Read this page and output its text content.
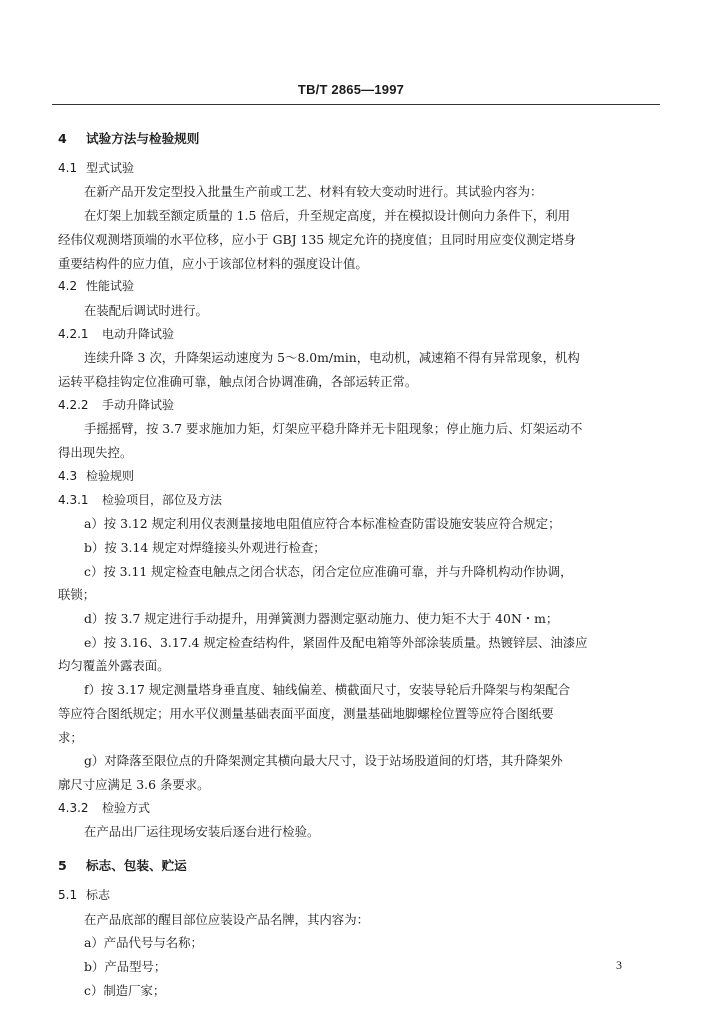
TB/T 2865—1997
4 试验方法与检验规则
4.1 型式试验
在新产品开发定型投入批量生产前或工艺、材料有较大变动时进行。其试验内容为：
在灯架上加载至额定质量的 1.5 倍后，升至规定高度，并在模拟设计侧向力条件下，利用
经伟仪观测塔顶端的水平位移，应小于 GBJ 135 规定允许的挠度值；且同时用应变仪测定塔身
重要结构件的应力值，应小于该部位材料的强度设计值。
4.2 性能试验
在装配后调试时进行。
4.2.1 电动升降试验
连续升降 3 次，升降架运动速度为 5～8.0m/min，电动机，减速箱不得有异常现象，机构
运转平稳挂钩定位准确可靠，触点闭合协调准确，各部运转正常。
4.2.2 手动升降试验
手摇摇臂，按 3.7 要求施加力矩，灯架应平稳升降并无卡阻现象；停止施力后、灯架运动不
得出现失控。
4.3 检验规则
4.3.1 检验项目，部位及方法
a）按 3.12 规定利用仪表测量接地电阻值应符合本标准检查防雷设施安装应符合规定；
b）按 3.14 规定对焊缝接头外观进行检查；
c）按 3.11 规定检查电触点之闭合状态，闭合定位应准确可靠，并与升降机构动作协调，
联锁；
d）按 3.7 规定进行手动提升，用弹簧测力器测定驱动施力、使力矩不大于 40N・m；
e）按 3.16、3.17.4 规定检查结构件，紧固件及配电箱等外部涂装质量。热镀锌层、油漆应
均匀覆盖外露表面。
f）按 3.17 规定测量塔身垂直度、轴线偏差、横截面尺寸，安装导轮后升降架与构架配合
等应符合图纸规定；用水平仪测量基础表面平面度，测量基础地脚螺栓位置等应符合图纸要
求；
g）对降落至限位点的升降架测定其横向最大尺寸，设于站场股道间的灯塔，其升降架外
廓尺寸应满足 3.6 条要求。
4.3.2 检验方式
在产品出厂运往现场安装后逐台进行检验。
5 标志、包装、贮运
5.1 标志
在产品底部的醒目部位应装设产品名牌，其内容为：
a）产品代号与名称；
b）产品型号；
c）制造厂家；
3
